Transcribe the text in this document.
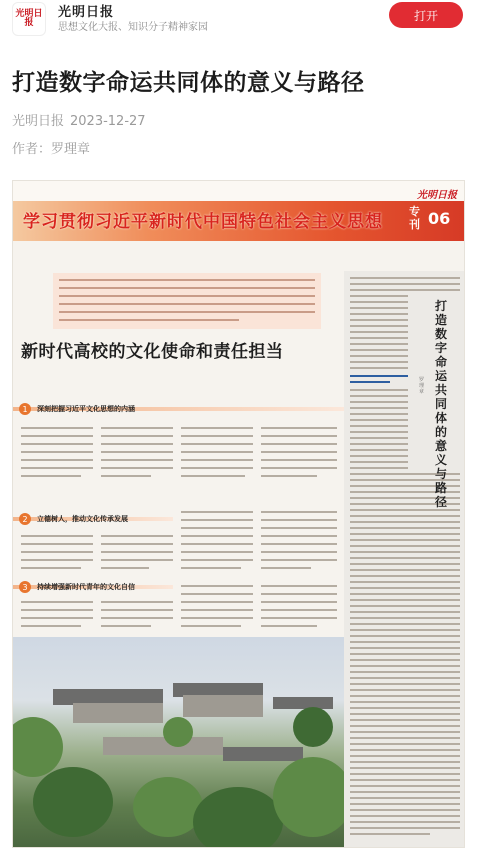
光明日报
光明日报
思想文化大报、知识分子精神家园
打开
打造数字命运共同体的意义与路径
光明日报 2023-12-27
作者：罗理章
光明日报
学习贯彻习近平新时代中国特色社会主义思想
专刊 06
新时代高校的文化使命和责任担当
1	深刻把握习近平文化思想的内涵
2	立德树人，推动文化传承发展
3	持续增强新时代青年的文化自信
打造数字命运共同体的意义与路径
罗理章
